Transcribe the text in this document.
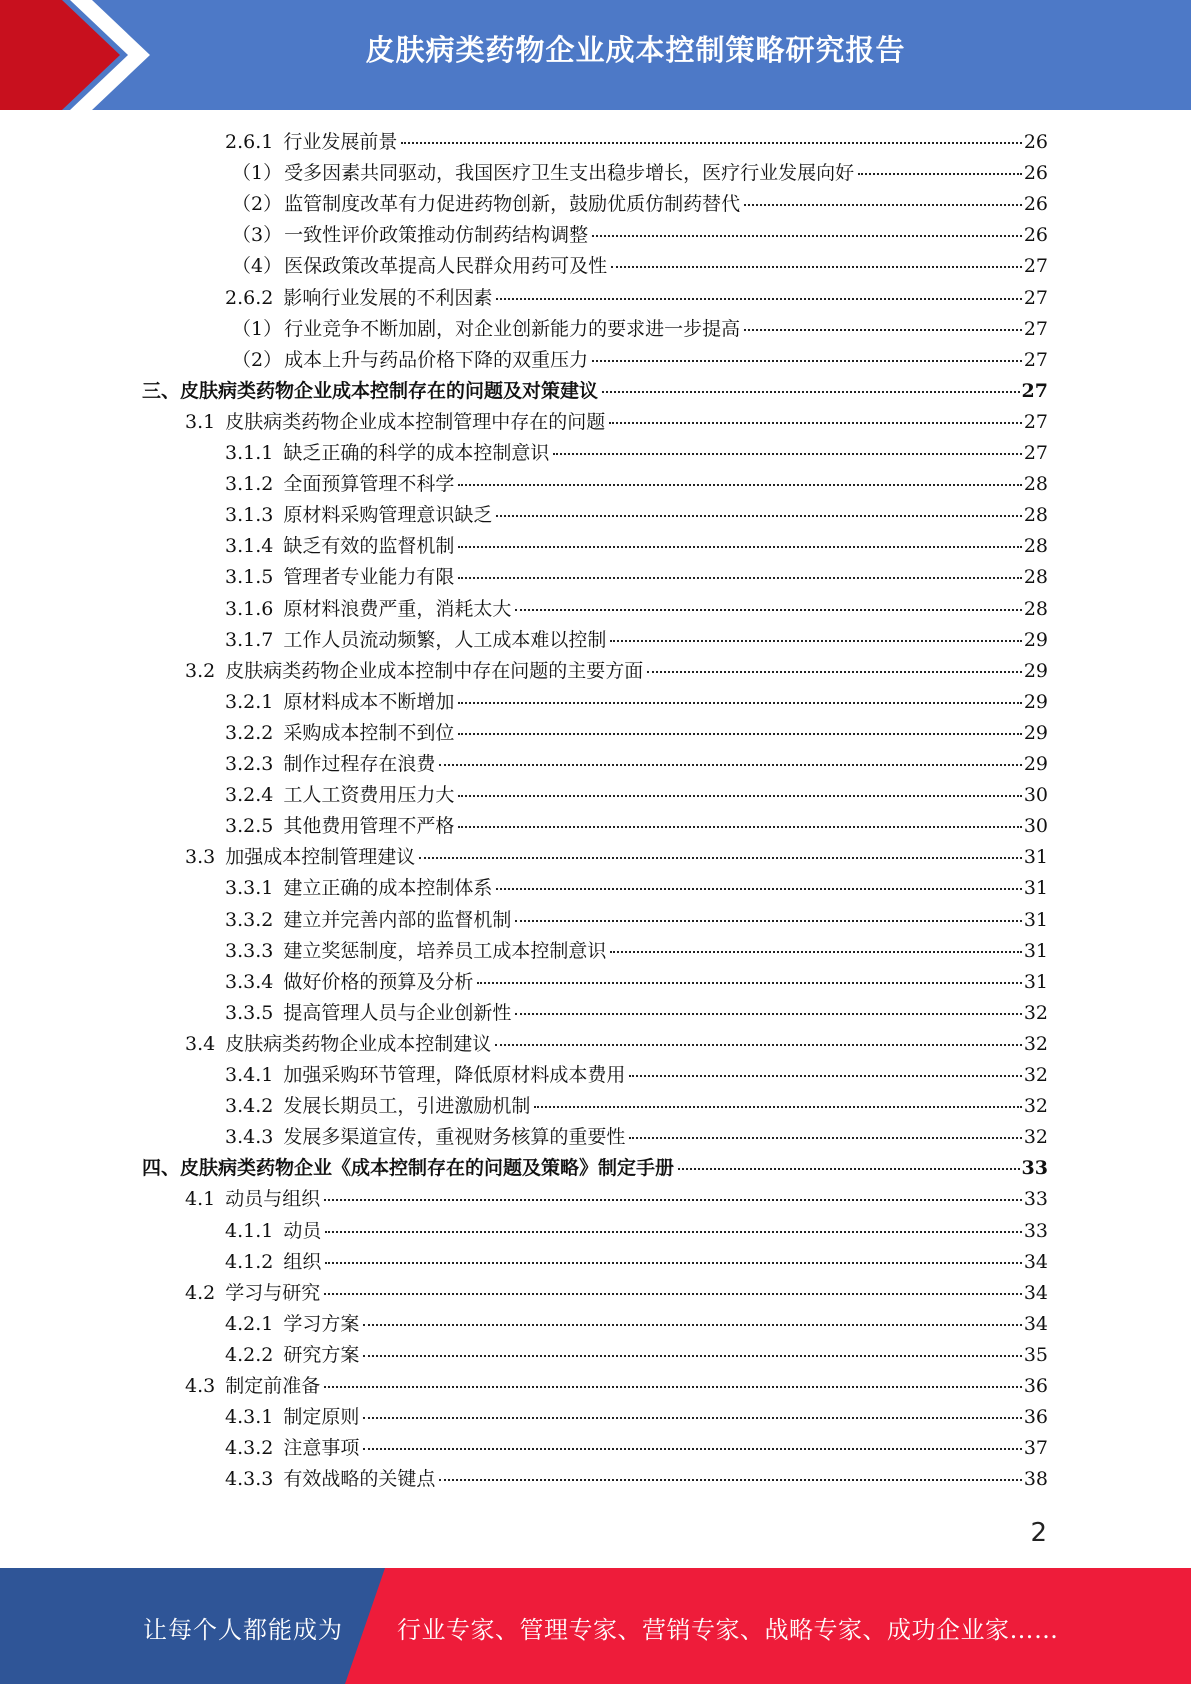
皮肤病类药物企业成本控制策略研究报告
2.6.1 行业发展前景	26
（1） 受多因素共同驱动，我国医疗卫生支出稳步增长，医疗行业发展向好	26
（2） 监管制度改革有力促进药物创新，鼓励优质仿制药替代	26
（3） 一致性评价政策推动仿制药结构调整	26
（4） 医保政策改革提高人民群众用药可及性	27
2.6.2 影响行业发展的不利因素	27
（1） 行业竞争不断加剧，对企业创新能力的要求进一步提高	27
（2） 成本上升与药品价格下降的双重压力	27
三、 皮肤病类药物企业成本控制存在的问题及对策建议	27
3.1 皮肤病类药物企业成本控制管理中存在的问题	27
3.1.1 缺乏正确的科学的成本控制意识	27
3.1.2 全面预算管理不科学	28
3.1.3 原材料采购管理意识缺乏	28
3.1.4 缺乏有效的监督机制	28
3.1.5 管理者专业能力有限	28
3.1.6 原材料浪费严重，消耗太大	28
3.1.7 工作人员流动频繁，人工成本难以控制	29
3.2 皮肤病类药物企业成本控制中存在问题的主要方面	29
3.2.1 原材料成本不断增加	29
3.2.2 采购成本控制不到位	29
3.2.3 制作过程存在浪费	29
3.2.4 工人工资费用压力大	30
3.2.5 其他费用管理不严格	30
3.3 加强成本控制管理建议	31
3.3.1 建立正确的成本控制体系	31
3.3.2 建立并完善内部的监督机制	31
3.3.3 建立奖惩制度，培养员工成本控制意识	31
3.3.4 做好价格的预算及分析	31
3.3.5 提高管理人员与企业创新性	32
3.4 皮肤病类药物企业成本控制建议	32
3.4.1 加强采购环节管理，降低原材料成本费用	32
3.4.2 发展长期员工，引进激励机制	32
3.4.3 发展多渠道宣传，重视财务核算的重要性	32
四、 皮肤病类药物企业《成本控制存在的问题及策略》制定手册	33
4.1 动员与组织	33
4.1.1 动员	33
4.1.2 组织	34
4.2 学习与研究	34
4.2.1 学习方案	34
4.2.2 研究方案	35
4.3 制定前准备	36
4.3.1 制定原则	36
4.3.2 注意事项	37
4.3.3 有效战略的关键点	38
2
让每个人都能成为 行业专家、管理专家、营销专家、战略专家、成功企业家……
